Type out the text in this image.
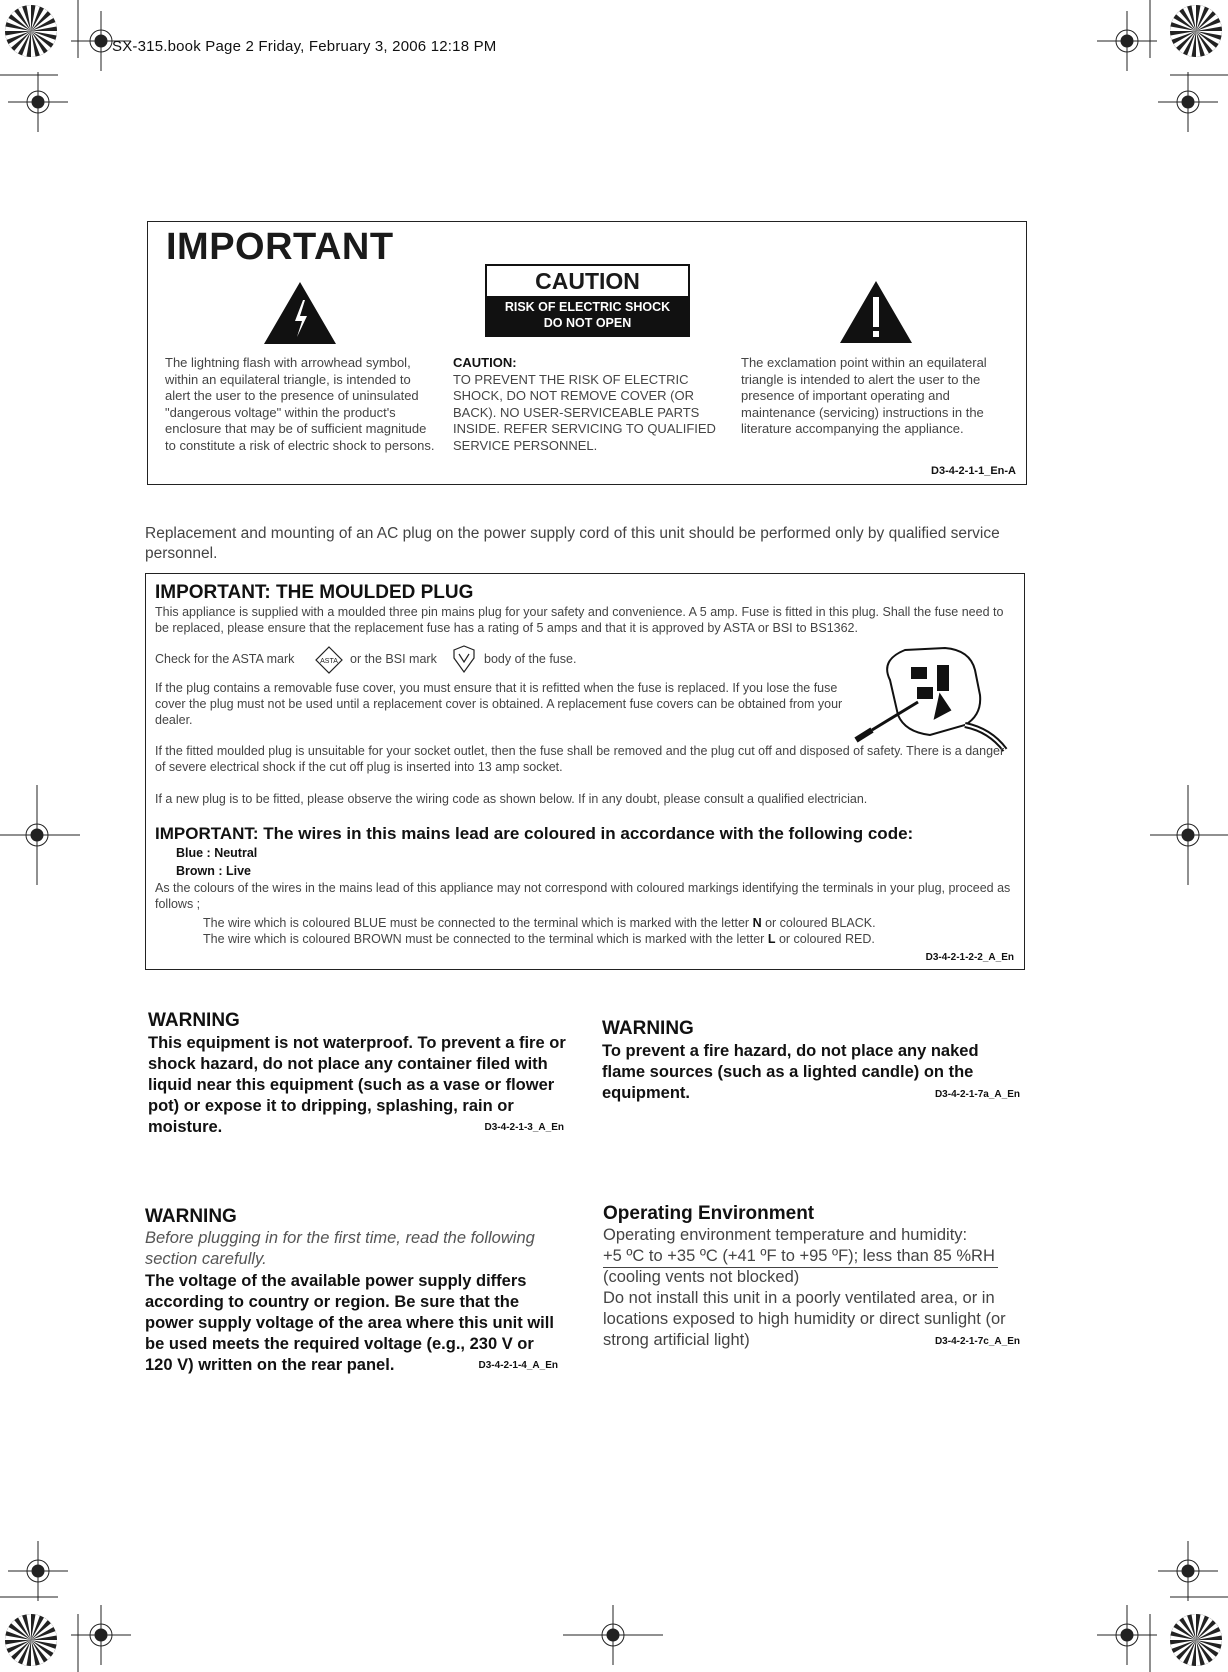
SX-315.book Page 2 Friday, February 3, 2006 12:18 PM
IMPORTANT
CAUTION
RISK OF ELECTRIC SHOCK
DO NOT OPEN
The lightning flash with arrowhead symbol, within an equilateral triangle, is intended to alert the user to the presence of uninsulated "dangerous voltage" within the product's enclosure that may be of sufficient magnitude to constitute a risk of electric shock to persons.
CAUTION:
TO PREVENT THE RISK OF ELECTRIC SHOCK, DO NOT REMOVE COVER (OR BACK). NO USER-SERVICEABLE PARTS INSIDE. REFER SERVICING TO QUALIFIED SERVICE PERSONNEL.
The exclamation point within an equilateral triangle is intended to alert the user to the presence of important operating and maintenance (servicing) instructions in the literature accompanying the appliance.
D3-4-2-1-1_En-A
Replacement and mounting of an AC plug on the power supply cord of this unit should be performed only by qualified service personnel.
IMPORTANT: THE MOULDED PLUG
This appliance is supplied with a moulded three pin mains plug for your safety and convenience. A 5 amp. Fuse is fitted in this plug. Shall the fuse need to be replaced, please ensure that the replacement fuse has a rating of 5 amps and that it is approved by ASTA or BSI to BS1362.
Check for the ASTA mark	ASTA or the BSI mark	body of the fuse.
If the plug contains a removable fuse cover, you must ensure that it is refitted when the fuse is replaced. If you lose the fuse cover the plug must not be used until a replacement cover is obtained. A replacement fuse covers can be obtained from your dealer.
If the fitted moulded plug is unsuitable for your socket outlet, then the fuse shall be removed and the plug cut off and disposed of safety. There is a danger of severe electrical shock if the cut off plug is inserted into 13 amp socket.
If a new plug is to be fitted, please observe the wiring code as shown below. If in any doubt, please consult a qualified electrician.
IMPORTANT: The wires in this mains lead are coloured in accordance with the following code:
Blue : Neutral
Brown : Live
As the colours of the wires in the mains lead of this appliance may not correspond with coloured markings identifying the terminals in your plug, proceed as follows ;
The wire which is coloured BLUE must be connected to the terminal which is marked with the letter N or coloured BLACK.
The wire which is coloured BROWN must be connected to the terminal which is marked with the letter L or coloured RED.
D3-4-2-1-2-2_A_En
WARNING
This equipment is not waterproof. To prevent a fire or shock hazard, do not place any container filed with liquid near this equipment (such as a vase or flower pot) or expose it to dripping, splashing, rain or moisture.	D3-4-2-1-3_A_En
WARNING
To prevent a fire hazard, do not place any naked flame sources (such as a lighted candle) on the equipment.	D3-4-2-1-7a_A_En
WARNING
Before plugging in for the first time, read the following section carefully.
The voltage of the available power supply differs according to country or region. Be sure that the power supply voltage of the area where this unit will be used meets the required voltage (e.g., 230 V or 120 V) written on the rear panel.	D3-4-2-1-4_A_En
Operating Environment
Operating environment temperature and humidity:
+5 ºC to +35 ºC (+41 ºF to +95 ºF); less than 85 %RH
(cooling vents not blocked)
Do not install this unit in a poorly ventilated area, or in locations exposed to high humidity or direct sunlight (or strong artificial light)	D3-4-2-1-7c_A_En
